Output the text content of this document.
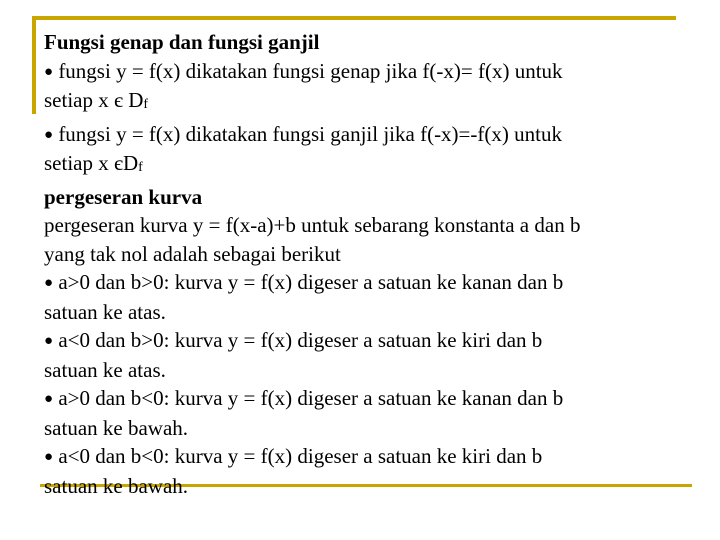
Fungsi genap dan fungsi ganjil
● fungsi y = f(x) dikatakan fungsi genap jika f(-x)= f(x) untuk
setiap x є Df
● fungsi y = f(x) dikatakan fungsi ganjil jika f(-x)=-f(x) untuk
setiap x єDf
pergeseran kurva
pergeseran kurva y = f(x-a)+b untuk sebarang konstanta a dan b
yang tak nol adalah sebagai berikut
● a>0 dan b>0: kurva y = f(x) digeser a satuan ke kanan dan b
satuan ke atas.
● a<0 dan b>0: kurva y = f(x) digeser a satuan ke kiri dan b
satuan ke atas.
● a>0 dan b<0: kurva y = f(x) digeser a satuan ke kanan dan b
satuan ke bawah.
● a<0 dan b<0: kurva y = f(x) digeser a satuan ke kiri dan b
satuan ke bawah.
